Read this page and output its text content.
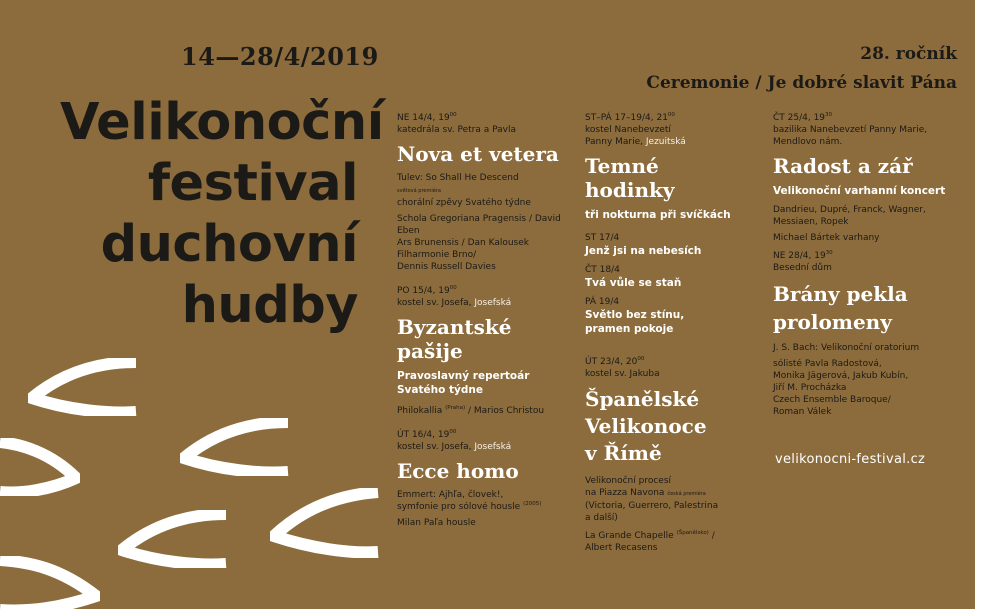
14—28/4/2019
Velikonoční
festival
duchovní
hudby
28. ročník
Ceremonie / Je dobré slavit Pána
NE 14/4, $19^{00}$
katedrála sv. Petra a Pavla
Nova et vetera
Tulev: So Shall He Descend
světová premiéra
chorální zpěvy Svatého týdne
Schola Gregoriana Pragensis / David Eben
Ars Brunensis / Dan Kalousek
Filharmonie Brno/
Dennis Russell Davies
PO 15/4, $19^{00}$
kostel sv. Josefa, Josefská
Byzantské pašije
Pravoslavný repertoár Svatého týdne
Philokallia $^{(Praha)}$ / Marios Christou
ÚT 16/4, $19^{00}$
kostel sv. Josefa, Josefská
Ecce homo
Emmert: Ajhľa, človek!,
symfonie pro sólové housle $^{(2005)}$
Milan Paľa housle
ST–PÁ 17–19/4, $21^{00}$
kostel Nanebevzetí
Panny Marie, Jezuitská
Temné hodinky
tři nokturna při svíčkách
ST 17/4
Jenž jsi na nebesích
ČT 18/4
Tvá vůle se staň
PÁ 19/4
Světlo bez stínu, pramen pokoje
ÚT 23/4, $20^{00}$
kostel sv. Jakuba
Španělské Velikonoce v Římě
Velikonoční procesí
na Piazza Navona česká premiéra
(Victoria, Guerrero, Palestrina
a další)
La Grande Chapelle $^{(Španělsko)}$ /
Albert Recasens
ČT 25/4, $19^{30}$
bazilika Nanebevzetí Panny Marie,
Mendlovo nám.
Radost a zář
Velikonoční varhanní koncert
Dandrieu, Dupré, Franck, Wagner,
Messiaen, Ropek
Michael Bártek varhany
NE 28/4, $19^{30}$
Besední dům
Brány pekla prolomeny
J. S. Bach: Velikonoční oratorium
sólisté Pavla Radostová,
Monika Jägerová, Jakub Kubín,
Jiří M. Procházka
Czech Ensemble Baroque/
Roman Válek
velikonocni-festival.cz
